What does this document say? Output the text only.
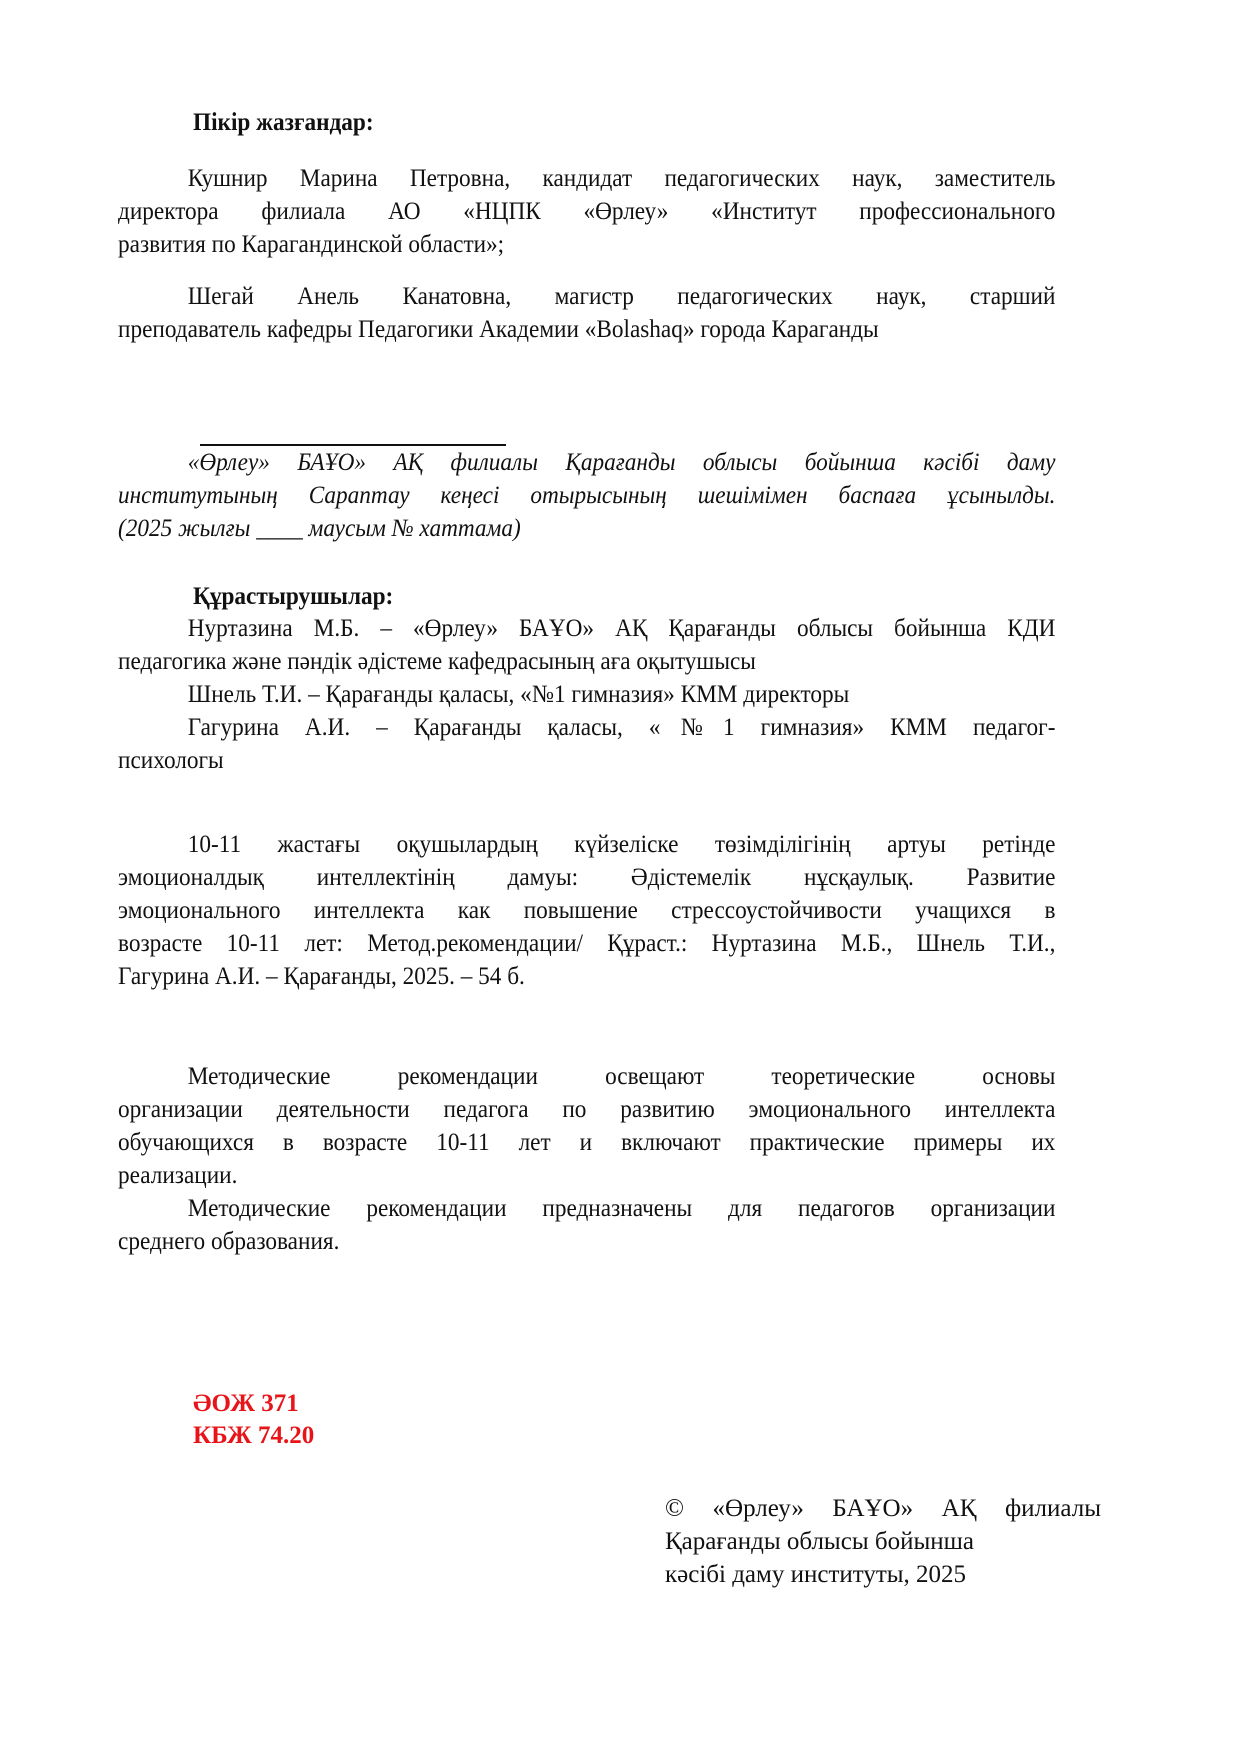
Пікір жазғандар:
Кушнир Марина Петровна, кандидат педагогических наук, заместитель
директора филиала АО «НЦПК «Өрлеу» «Институт профессионального
развития по Карагандинской области»;
Шегай Анель Канатовна, магистр педагогических наук, старший
преподаватель кафедры Педагогики Академии «Bolashaq» города Караганды
«Өрлеу» БАҰО» АҚ филиалы Қарағанды облысы бойынша кәсібі даму
институтының Сараптау кеңесі отырысының шешімімен баспаға ұсынылды.
(2025 жылғы ____ маусым № хаттама)
Құрастырушылар:
Нуртазина М.Б. – «Өрлеу» БАҰО» АҚ Қарағанды облысы бойынша КДИ
педагогика және пәндік әдістеме кафедрасының аға оқытушысы
Шнель Т.И. – Қарағанды қаласы, «№1 гимназия» КММ директоры
Гагурина А.И. – Қарағанды қаласы, «№1 гимназия» КММ педагог-
психологы
10-11 жастағы оқушылардың күйзеліске төзімділігінің артуы ретінде
эмоционалдық интеллектінің дамуы: Әдістемелік нұсқаулық. Развитие
эмоционального интеллекта как повышение стрессоустойчивости учащихся в
возрасте 10-11 лет: Метод.рекомендации/ Құраст.: Нуртазина М.Б., Шнель Т.И.,
Гагурина А.И. – Қарағанды, 2025. – 54 б.
Методические рекомендации освещают теоретические основы
организации деятельности педагога по развитию эмоционального интеллекта
обучающихся в возрасте 10-11 лет и включают практические примеры их
реализации.
Методические рекомендации предназначены для педагогов организации
среднего образования.
ӘОЖ 371
КБЖ 74.20
© «Өрлеу» БАҰО» АҚ филиалы
Қарағанды облысы бойынша
кәсібі даму институты, 2025
